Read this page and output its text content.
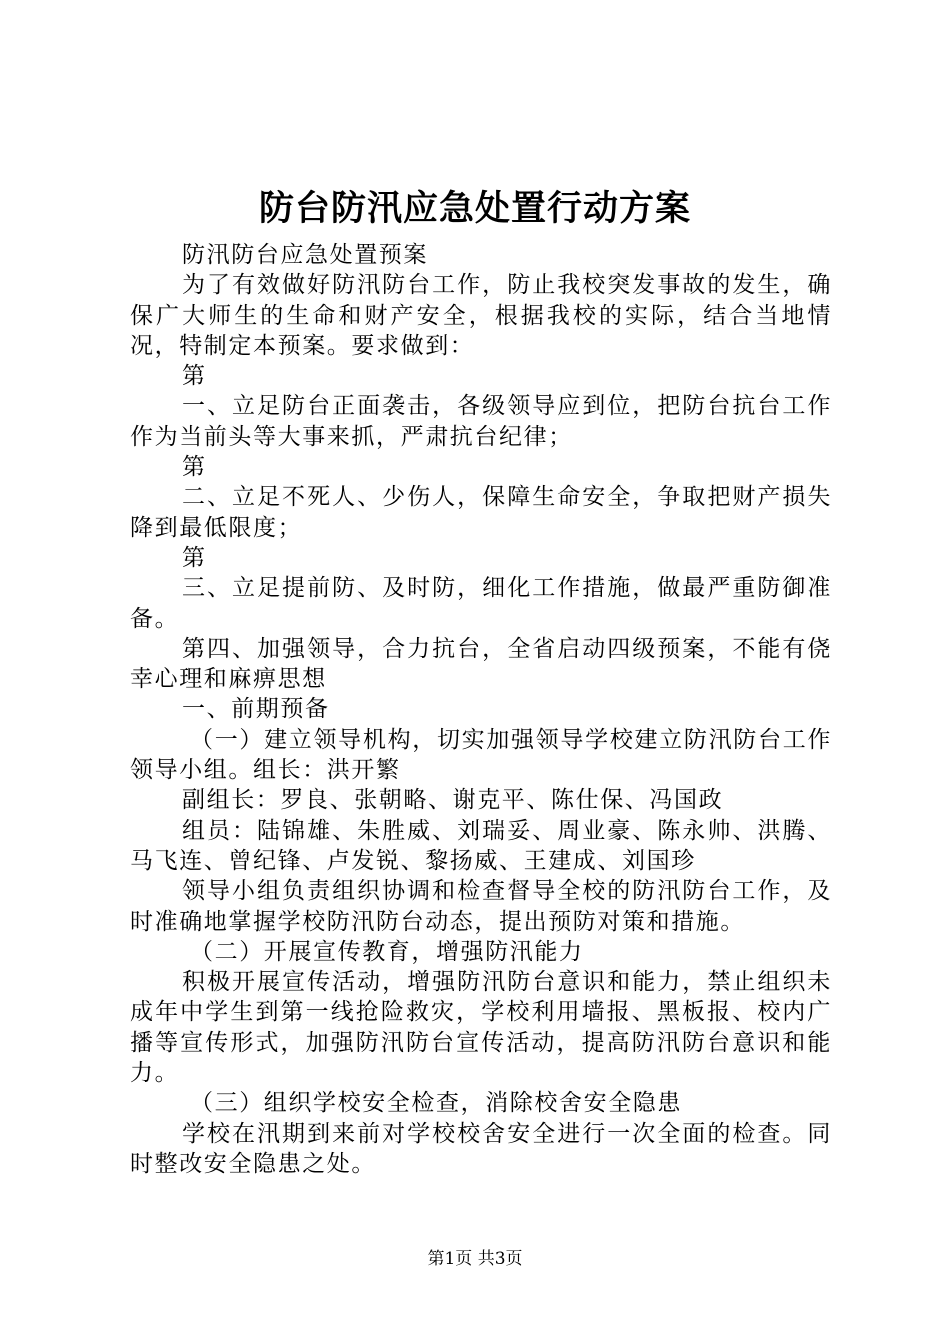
防台防汛应急处置行动方案

防汛防台应急处置预案

为了有效做好防汛防台工作，防止我校突发事故的发生，确保广大师生的生命和财产安全，根据我校的实际，结合当地情况，特制定本预案。要求做到：

第

一、立足防台正面袭击，各级领导应到位，把防台抗台工作作为当前头等大事来抓，严肃抗台纪律；

第

二、立足不死人、少伤人，保障生命安全，争取把财产损失降到最低限度；

第

三、立足提前防、及时防，细化工作措施，做最严重防御准备。

第四、加强领导，合力抗台，全省启动四级预案，不能有侥幸心理和麻痹思想

一、前期预备

（一）建立领导机构，切实加强领导学校建立防汛防台工作领导小组。组长：洪开繁

副组长：罗良、张朝略、谢克平、陈仕保、冯国政

组员：陆锦雄、朱胜威、刘瑞妥、周业豪、陈永帅、洪腾、马飞连、曾纪锋、卢发锐、黎扬威、王建成、刘国珍

领导小组负责组织协调和检查督导全校的防汛防台工作，及时准确地掌握学校防汛防台动态，提出预防对策和措施。

（二）开展宣传教育，增强防汛能力

积极开展宣传活动，增强防汛防台意识和能力，禁止组织未成年中学生到第一线抢险救灾，学校利用墙报、黑板报、校内广播等宣传形式，加强防汛防台宣传活动，提高防汛防台意识和能力。

（三）组织学校安全检查，消除校舍安全隐患

学校在汛期到来前对学校校舍安全进行一次全面的检查。同时整改安全隐患之处。

第1页 共3页
